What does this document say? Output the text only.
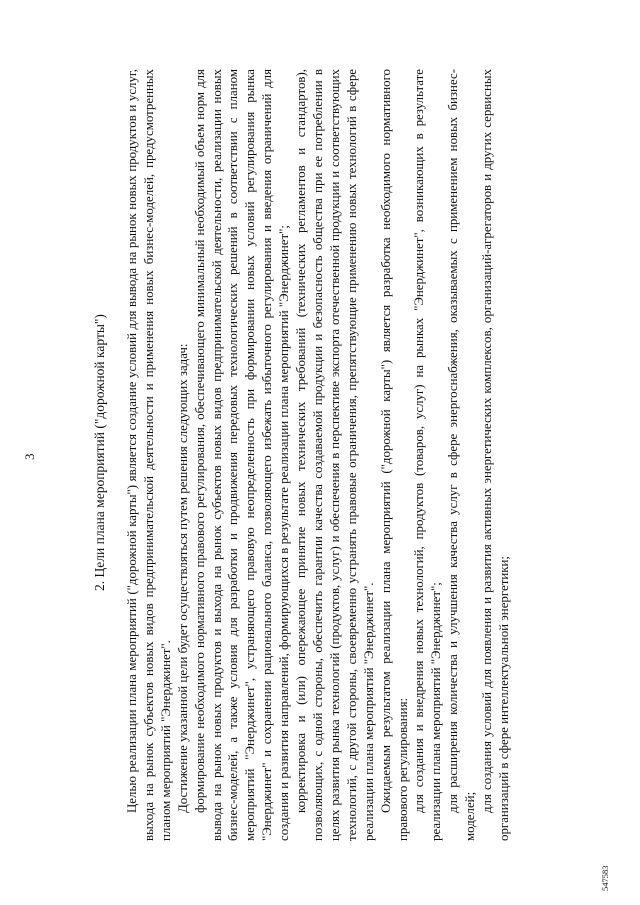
3	2. Цели плана мероприятий ("дорожной карты") Целью реализации плана мероприятий ("дорожной карты") является создание условий для вывода на рынок новых продуктов и услуг, выхода на рынок субъектов новых видов предпринимательской деятельности и применения новых бизнес-моделей, предусмотренных планом мероприятий "Энерджинет". Достижение указанной цели будет осуществляться путем решения следующих задач: формирование необходимого нормативного правового регулирования, обеспечивающего минимальный необходимый объем норм для вывода на рынок новых продуктов и выхода на рынок субъектов новых видов предпринимательской деятельности, реализации новых бизнес-моделей, а также условия для разработки и продвижения передовых технологических решений в соответствии с планом мероприятий "Энерджинет", устраняющего правовую неопределенность при формировании новых условий регулирования рынка "Энерджинет" и сохранении рационального баланса, позволяющего избежать избыточного регулирования и введения ограничений для создания и развития направлений, формирующихся в результате реализации плана мероприятий "Энерджинет"; корректировка и (или) опережающее принятие новых технических требований (технических регламентов и стандартов), позволяющих, с одной стороны, обеспечить гарантии качества создаваемой продукции и безопасность общества при ее потреблении в целях развития рынка технологий (продуктов, услуг) и обеспечения в перспективе экспорта отечественной продукции и соответствующих технологий, с другой стороны, своевременно устранять правовые ограничения, препятствующие применению новых технологий в сфере реализации плана мероприятий "Энерджинет". Ожидаемым результатом реализации плана мероприятий ("дорожной карты") является разработка необходимого нормативного правового регулирования: для создания и внедрения новых технологий, продуктов (товаров, услуг) на рынках "Энерджинет", возникающих в результате реализации плана мероприятий "Энерджинет"; для расширения количества и улучшения качества услуг в сфере энергоснабжения, оказываемых с применением новых бизнес-моделей;

для создания условий для появления и развития активных энергетических комплексов, организаций-агрегаторов и других сервисных организаций в сфере интеллектуальной энергетики;

547583
